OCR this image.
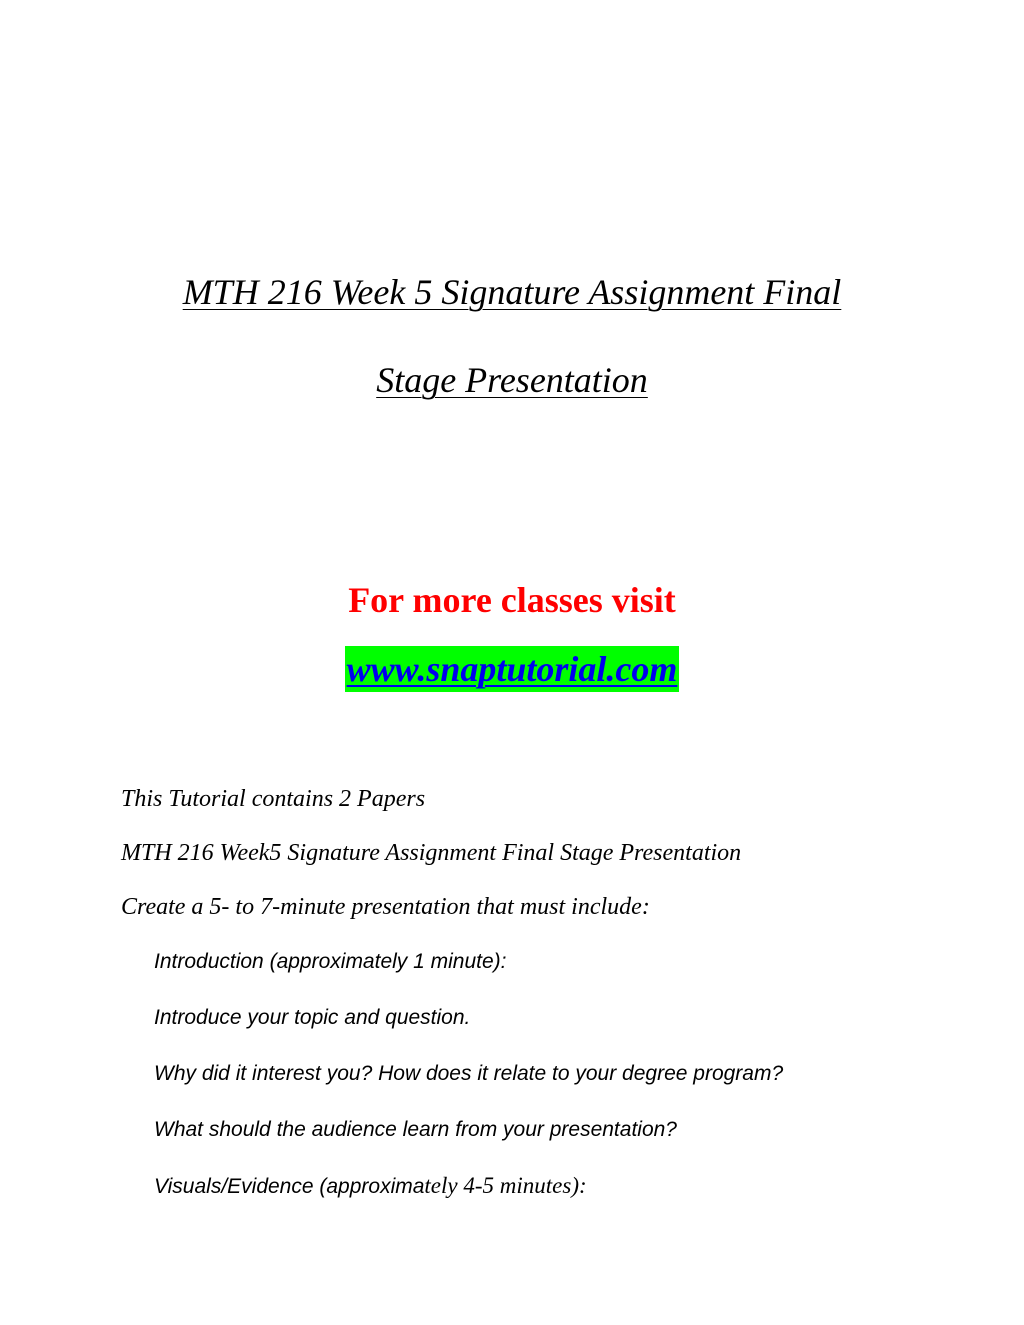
MTH 216 Week 5 Signature Assignment Final
Stage Presentation
For more classes visit
www.snaptutorial.com
This Tutorial contains 2 Papers
MTH 216 Week5 Signature Assignment Final Stage Presentation
Create a 5- to 7-minute presentation that must include:
Introduction (approximately 1 minute):
Introduce your topic and question.
Why did it interest you? How does it relate to your degree program?
What should the audience learn from your presentation?
Visuals/Evidence (approximately 4-5 minutes):
